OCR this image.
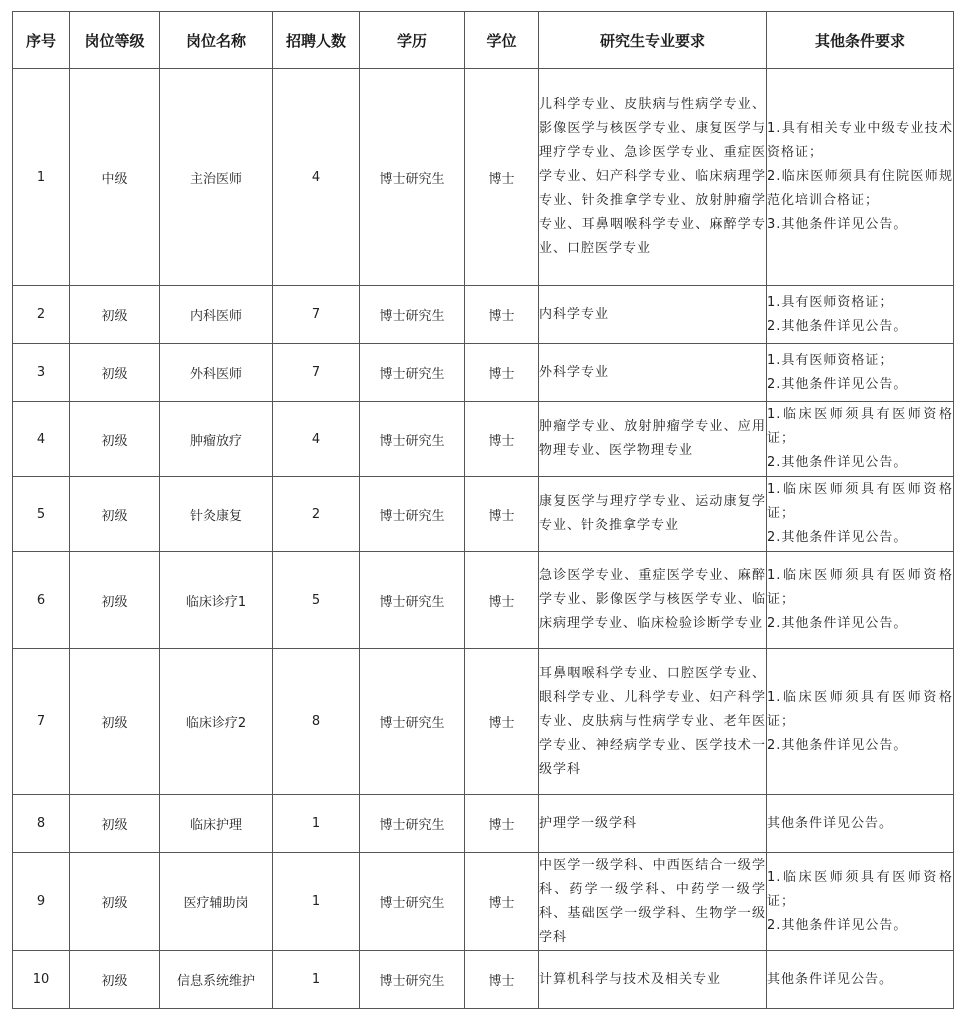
序号	岗位等级	岗位名称	招聘人数	学历	学位	研究生专业要求	其他条件要求
1	中级	主治医师	4	博士研究生	博士	儿科学专业、皮肤病与性病学专业、影像医学与核医学专业、康复医学与理疗学专业、急诊医学专业、重症医学专业、妇产科学专业、临床病理学专业、针灸推拿学专业、放射肿瘤学专业、耳鼻咽喉科学专业、麻醉学专业、口腔医学专业	1.具有相关专业中级专业技术资格证；
2.临床医师须具有住院医师规范化培训合格证；
3.其他条件详见公告。

2	初级	内科医师	7	博士研究生	博士	内科学专业	1.具有医师资格证；
2.其他条件详见公告。

3	初级	外科医师	7	博士研究生	博士	外科学专业	1.具有医师资格证；
2.其他条件详见公告。

4	初级	肿瘤放疗	4	博士研究生	博士	肿瘤学专业、放射肿瘤学专业、应用物理专业、医学物理专业	1.临床医师须具有医师资格证；
2.其他条件详见公告。

5	初级	针灸康复	2	博士研究生	博士	康复医学与理疗学专业、运动康复学专业、针灸推拿学专业	1.临床医师须具有医师资格证；
2.其他条件详见公告。

6	初级	临床诊疗1	5	博士研究生	博士	急诊医学专业、重症医学专业、麻醉学专业、影像医学与核医学专业、临床病理学专业、临床检验诊断学专业	1.临床医师须具有医师资格证；
2.其他条件详见公告。

7	初级	临床诊疗2	8	博士研究生	博士	耳鼻咽喉科学专业、口腔医学专业、眼科学专业、儿科学专业、妇产科学专业、皮肤病与性病学专业、老年医学专业、神经病学专业、医学技术一级学科	1.临床医师须具有医师资格证；
2.其他条件详见公告。

8	初级	临床护理	1	博士研究生	博士	护理学一级学科	其他条件详见公告。

9	初级	医疗辅助岗	1	博士研究生	博士	中医学一级学科、中西医结合一级学科、药学一级学科、中药学一级学科、基础医学一级学科、生物学一级学科	1.临床医师须具有医师资格证；
2.其他条件详见公告。

10	初级	信息系统维护	1	博士研究生	博士	计算机科学与技术及相关专业	其他条件详见公告。
